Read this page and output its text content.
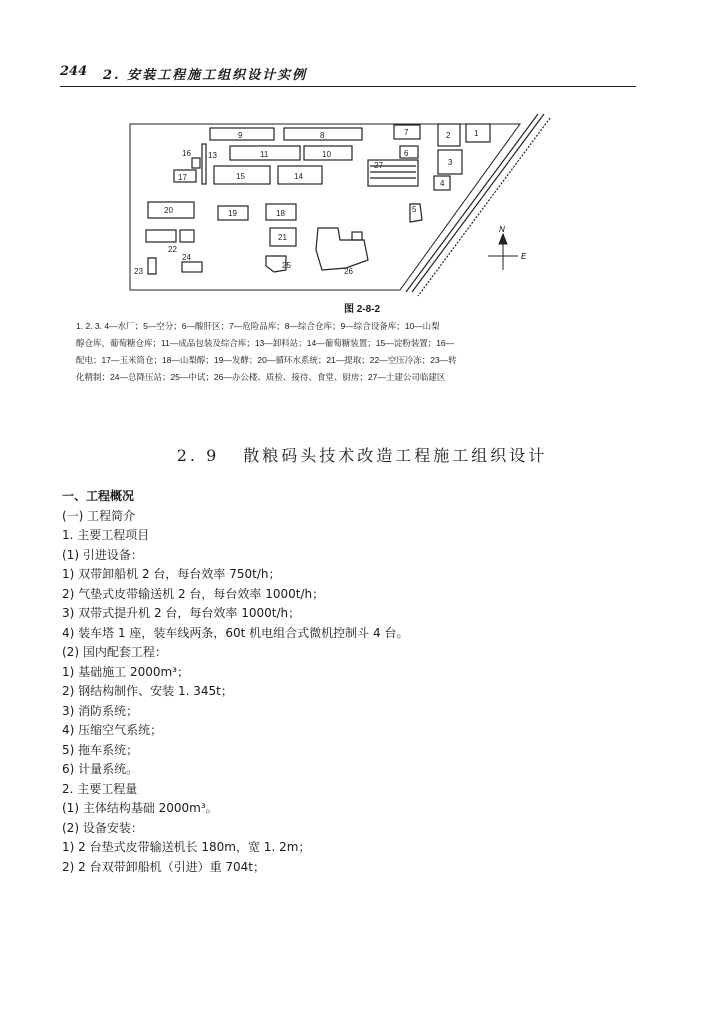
244 2. 安装工程施工组织设计实例
9	8	7	2	1
11	10	6
3
13
16
17
27
4
15	14
20	19	18	5
22
21
26
23
24
25
N
E
图 2-8-2

1. 2. 3. 4—水厂；5—空分；6—酸肝区；7—危险品库；8—综合仓库；9—综合设备库；10—山梨

醇仓库，葡萄糖仓库；11—成品包装及综合库；13—卸料站；14—葡萄糖装置；15—淀粉装置；16—

配电；17—玉米筒仓；18—山梨醇；19—发酵；20—循环水系统；21—提取；22—空压冷冻；23—转

化精制；24—总降压站；25—中试；26—办公楼、质检、接待、食堂、厨房；27—土建公司临建区

2. 9 散粮码头技术改造工程施工组织设计

一、工程概况

(一) 工程简介

1. 主要工程项目

(1) 引进设备：

1) 双带卸船机 2 台，每台效率 750t/h；

2) 气垫式皮带输送机 2 台，每台效率 1000t/h；

3) 双带式提升机 2 台，每台效率 1000t/h；

4) 装车塔 1 座，装车线两条，60t 机电组合式微机控制斗 4 台。

(2) 国内配套工程：

1) 基础施工 2000m³；

2) 钢结构制作、安装 1. 345t；

3) 消防系统；

4) 压缩空气系统；

5) 拖车系统；

6) 计量系统。

2. 主要工程量

(1) 主体结构基础 2000m³。

(2) 设备安装：

1) 2 台垫式皮带输送机长 180m，宽 1. 2m；

2) 2 台双带卸船机（引进）重 704t；
